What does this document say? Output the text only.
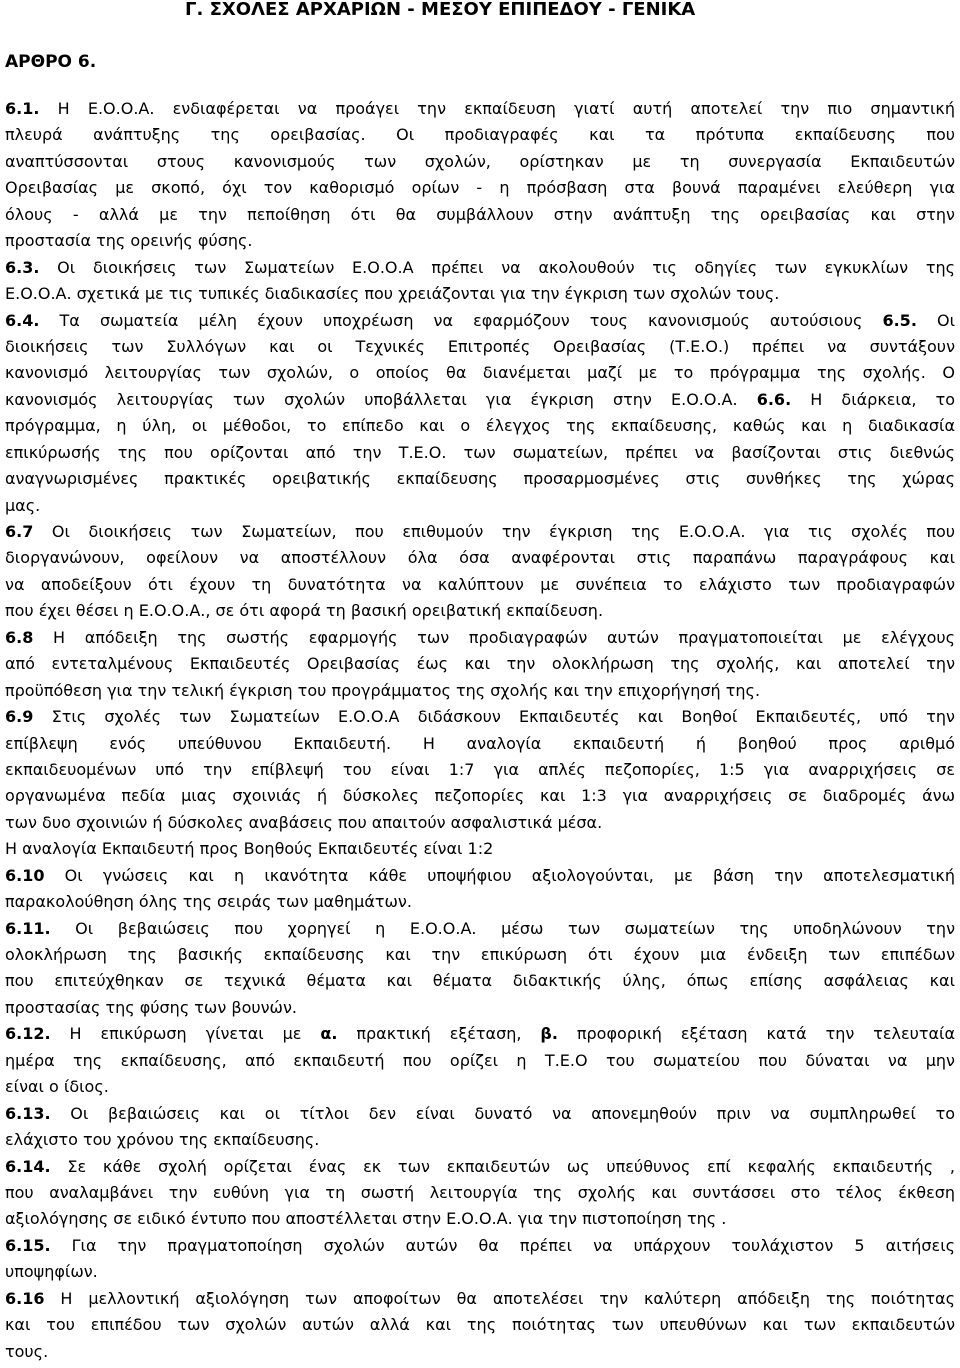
Γ. ΣΧΟΛΕΣ ΑΡΧΑΡΙΩΝ - ΜΕΣΟΥ ΕΠΙΠΕΔΟΥ - ΓΕΝΙΚΑ
ΑΡΘΡΟ 6.
6.1. Η Ε.Ο.Ο.Α. ενδιαφέρεται να προάγει την εκπαίδευση γιατί αυτή αποτελεί την πιο σημαντική
πλευρά ανάπτυξης της ορειβασίας. Οι προδιαγραφές και τα πρότυπα εκπαίδευσης που
αναπτύσσονται στους κανονισμούς των σχολών, ορίστηκαν με τη συνεργασία Εκπαιδευτών
Ορειβασίας με σκοπό, όχι τον καθορισμό ορίων - η πρόσβαση στα βουνά παραμένει ελεύθερη για
όλους - αλλά με την πεποίθηση ότι θα συμβάλλουν στην ανάπτυξη της ορειβασίας και στην
προστασία της ορεινής φύσης.
6.3. Οι διοικήσεις των Σωματείων Ε.Ο.Ο.Α πρέπει να ακολουθούν τις οδηγίες των εγκυκλίων της
Ε.Ο.Ο.Α. σχετικά με τις τυπικές διαδικασίες που χρειάζονται για την έγκριση των σχολών τους.
6.4. Τα σωματεία μέλη έχουν υποχρέωση να εφαρμόζουν τους κανονισμούς αυτούσιους 6.5. Οι
διοικήσεις των Συλλόγων και οι Τεχνικές Επιτροπές Ορειβασίας (Τ.Ε.Ο.) πρέπει να συντάξουν
κανονισμό λειτουργίας των σχολών, ο οποίος θα διανέμεται μαζί με το πρόγραμμα της σχολής. Ο
κανονισμός λειτουργίας των σχολών υποβάλλεται για έγκριση στην Ε.Ο.Ο.Α. 6.6. Η διάρκεια, το
πρόγραμμα, η ύλη, οι μέθοδοι, το επίπεδο και ο έλεγχος της εκπαίδευσης, καθώς και η διαδικασία
επικύρωσής της που ορίζονται από την Τ.Ε.Ο. των σωματείων, πρέπει να βασίζονται στις διεθνώς
αναγνωρισμένες πρακτικές ορειβατικής εκπαίδευσης προσαρμοσμένες στις συνθήκες της χώρας
μας.
6.7 Οι διοικήσεις των Σωματείων, που επιθυμούν την έγκριση της Ε.Ο.Ο.Α. για τις σχολές που
διοργανώνουν, οφείλουν να αποστέλλουν όλα όσα αναφέρονται στις παραπάνω παραγράφους και
να αποδείξουν ότι έχουν τη δυνατότητα να καλύπτουν με συνέπεια το ελάχιστο των προδιαγραφών
που έχει θέσει η Ε.Ο.Ο.Α., σε ότι αφορά τη βασική ορειβατική εκπαίδευση.
6.8 Η απόδειξη της σωστής εφαρμογής των προδιαγραφών αυτών πραγματοποιείται με ελέγχους
από εντεταλμένους Εκπαιδευτές Ορειβασίας έως και την ολοκλήρωση της σχολής, και αποτελεί την
προϋπόθεση για την τελική έγκριση του προγράμματος της σχολής και την επιχορήγησή της.
6.9 Στις σχολές των Σωματείων Ε.Ο.Ο.Α διδάσκουν Εκπαιδευτές και Βοηθοί Εκπαιδευτές, υπό την
επίβλεψη ενός υπεύθυνου Εκπαιδευτή. Η αναλογία εκπαιδευτή ή βοηθού προς αριθμό
εκπαιδευομένων υπό την επίβλεψή του είναι 1:7 για απλές πεζοπορίες, 1:5 για αναρριχήσεις σε
οργανωμένα πεδία μιας σχοινιάς ή δύσκολες πεζοπορίες και 1:3 για αναρριχήσεις σε διαδρομές άνω
των δυο σχοινιών ή δύσκολες αναβάσεις που απαιτούν ασφαλιστικά μέσα.
Η αναλογία Εκπαιδευτή προς Βοηθούς Εκπαιδευτές είναι 1:2
6.10 Οι γνώσεις και η ικανότητα κάθε υποψήφιου αξιολογούνται, με βάση την αποτελεσματική
παρακολούθηση όλης της σειράς των μαθημάτων.
6.11. Οι βεβαιώσεις που χορηγεί η Ε.Ο.Ο.Α. μέσω των σωματείων της υποδηλώνουν την
ολοκλήρωση της βασικής εκπαίδευσης και την επικύρωση ότι έχουν μια ένδειξη των επιπέδων
που επιτεύχθηκαν σε τεχνικά θέματα και θέματα διδακτικής ύλης, όπως επίσης ασφάλειας και
προστασίας της φύσης των βουνών.
6.12. Η επικύρωση γίνεται με α. πρακτική εξέταση, β. προφορική εξέταση κατά την τελευταία
ημέρα της εκπαίδευσης, από εκπαιδευτή που ορίζει η Τ.Ε.Ο του σωματείου που δύναται να μην
είναι ο ίδιος.
6.13. Οι βεβαιώσεις και οι τίτλοι δεν είναι δυνατό να απονεμηθούν πριν να συμπληρωθεί το
ελάχιστο του χρόνου της εκπαίδευσης.
6.14. Σε κάθε σχολή ορίζεται ένας εκ των εκπαιδευτών ως υπεύθυνος επί κεφαλής εκπαιδευτής ,
που αναλαμβάνει την ευθύνη για τη σωστή λειτουργία της σχολής και συντάσσει στο τέλος έκθεση
αξιολόγησης σε ειδικό έντυπο που αποστέλλεται στην Ε.Ο.Ο.Α. για την πιστοποίηση της .
6.15. Για την πραγματοποίηση σχολών αυτών θα πρέπει να υπάρχουν τουλάχιστον 5 αιτήσεις
υποψηφίων.
6.16 Η μελλοντική αξιολόγηση των αποφοίτων θα αποτελέσει την καλύτερη απόδειξη της ποιότητας
και του επιπέδου των σχολών αυτών αλλά και της ποιότητας των υπευθύνων και των εκπαιδευτών
τους.
